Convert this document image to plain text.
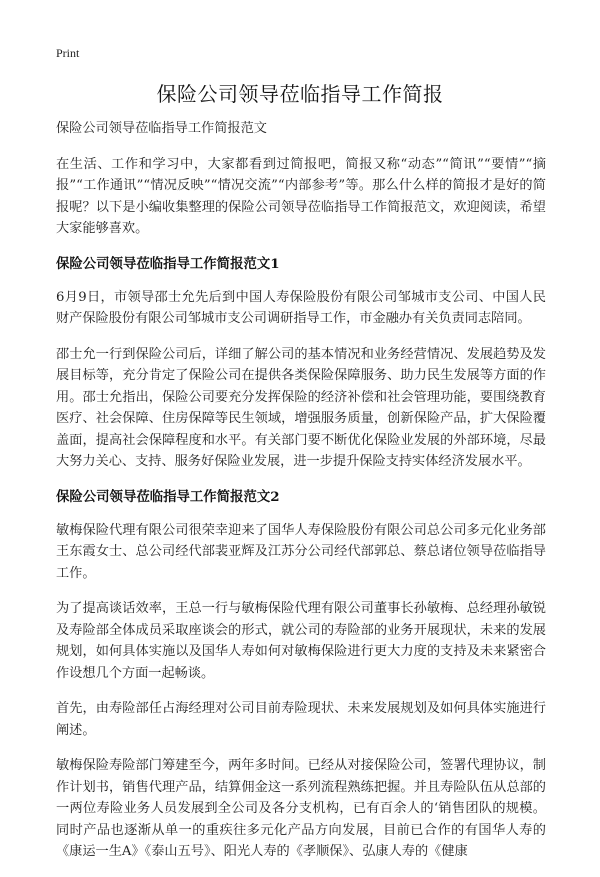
Print
保险公司领导莅临指导工作简报

保险公司领导莅临指导工作简报范文

在生活、工作和学习中，大家都看到过简报吧，简报又称“动态”“简讯”“要情”“摘报”“工作通讯”“情况反映”“情况交流”“内部参考”等。那么什么样的简报才是好的简报呢？以下是小编收集整理的保险公司领导莅临指导工作简报范文，欢迎阅读，希望大家能够喜欢。

保险公司领导莅临指导工作简报范文1

6月9日，市领导邵士允先后到中国人寿保险股份有限公司邹城市支公司、中国人民财产保险股份有限公司邹城市支公司调研指导工作，市金融办有关负责同志陪同。

邵士允一行到保险公司后，详细了解公司的基本情况和业务经营情况、发展趋势及发展目标等，充分肯定了保险公司在提供各类保险保障服务、助力民生发展等方面的作用。邵士允指出，保险公司要充分发挥保险的经济补偿和社会管理功能，要围绕教育医疗、社会保障、住房保障等民生领域，增强服务质量，创新保险产品，扩大保险覆盖面，提高社会保障程度和水平。有关部门要不断优化保险业发展的外部环境，尽最大努力关心、支持、服务好保险业发展，进一步提升保险支持实体经济发展水平。

保险公司领导莅临指导工作简报范文2

敏梅保险代理有限公司很荣幸迎来了国华人寿保险股份有限公司总公司多元化业务部王东霞女士、总公司经代部裴亚辉及江苏分公司经代部郭总、蔡总诸位领导莅临指导工作。

为了提高谈话效率，王总一行与敏梅保险代理有限公司董事长孙敏梅、总经理孙敏锐及寿险部全体成员采取座谈会的形式，就公司的寿险部的业务开展现状，未来的发展规划，如何具体实施以及国华人寿如何对敏梅保险进行更大力度的支持及未来紧密合作设想几个方面一起畅谈。

首先，由寿险部任占海经理对公司目前寿险现状、未来发展规划及如何具体实施进行阐述。

敏梅保险寿险部门筹建至今，两年多时间。已经从对接保险公司，签署代理协议，制作计划书，销售代理产品，结算佣金这一系列流程熟练把握。并且寿险队伍从总部的一两位寿险业务人员发展到全公司及各分支机构，已有百余人的‘销售团队的规模。同时产品也逐渐从单一的重疾往多元化产品方向发展，目前已合作的有国华人寿的《康运一生A》《泰山五号》、阳光人寿的《孝顺保》、弘康人寿的《健康
